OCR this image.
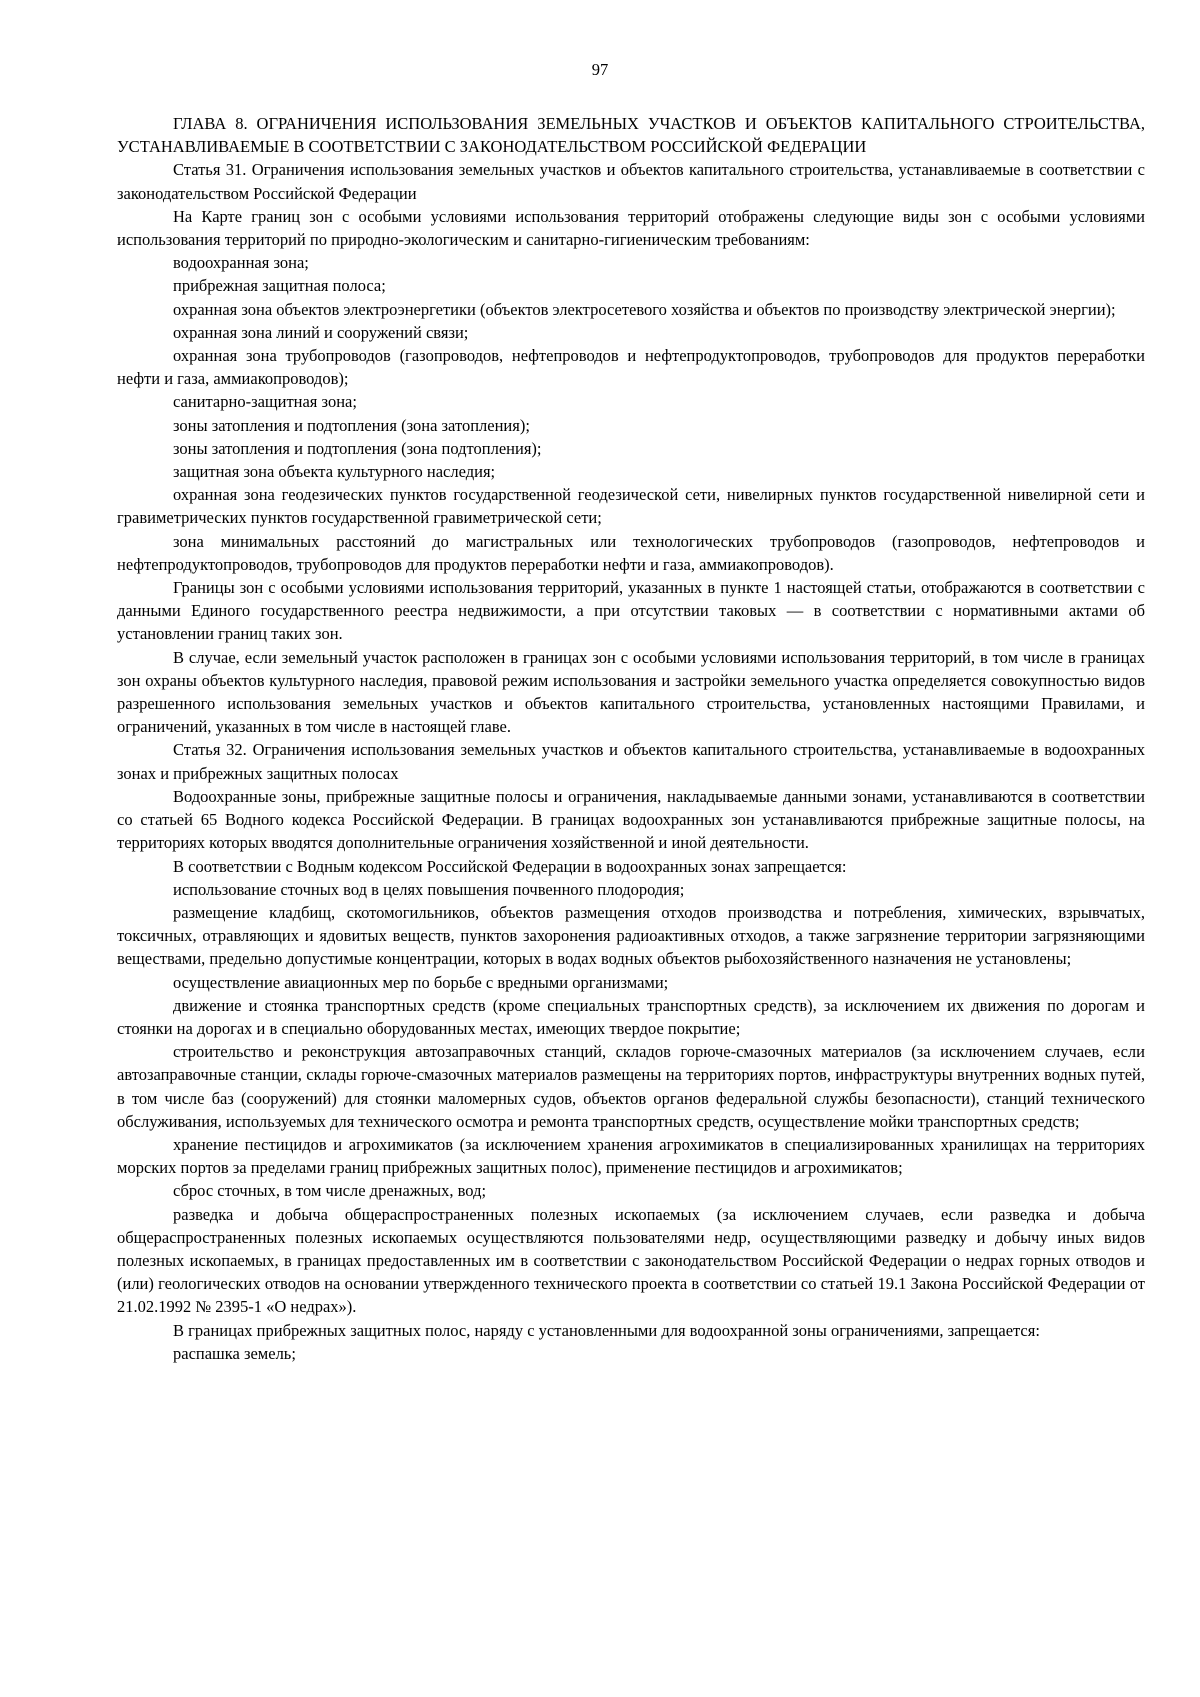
97

ГЛАВА 8. ОГРАНИЧЕНИЯ ИСПОЛЬЗОВАНИЯ ЗЕМЕЛЬНЫХ УЧАСТКОВ И ОБЪЕКТОВ КАПИТАЛЬНОГО СТРОИТЕЛЬСТВА, УСТАНАВЛИВАЕМЫЕ В СООТВЕТСТВИИ С ЗАКОНОДАТЕЛЬСТВОМ РОССИЙСКОЙ ФЕДЕРАЦИИ

Статья 31. Ограничения использования земельных участков и объектов капитального строительства, устанавливаемые в соответствии с законодательством Российской Федерации

На Карте границ зон с особыми условиями использования территорий отображены следующие виды зон с особыми условиями использования территорий по природно-экологическим и санитарно-гигиеническим требованиям:

водоохранная зона;

прибрежная защитная полоса;

охранная зона объектов электроэнергетики (объектов электросетевого хозяйства и объектов по производству электрической энергии);

охранная зона линий и сооружений связи;

охранная зона трубопроводов (газопроводов, нефтепроводов и нефтепродуктопроводов, трубопроводов для продуктов переработки нефти и газа, аммиакопроводов);

санитарно-защитная зона;

зоны затопления и подтопления (зона затопления);

зоны затопления и подтопления (зона подтопления);

защитная зона объекта культурного наследия;

охранная зона геодезических пунктов государственной геодезической сети, нивелирных пунктов государственной нивелирной сети и гравиметрических пунктов государственной гравиметрической сети;

зона минимальных расстояний до магистральных или технологических трубопроводов (газопроводов, нефтепроводов и нефтепродуктопроводов, трубопроводов для продуктов переработки нефти и газа, аммиакопроводов).

Границы зон с особыми условиями использования территорий, указанных в пункте 1 настоящей статьи, отображаются в соответствии с данными Единого государственного реестра недвижимости, а при отсутствии таковых — в соответствии с нормативными актами об установлении границ таких зон.

В случае, если земельный участок расположен в границах зон с особыми условиями использования территорий, в том числе в границах зон охраны объектов культурного наследия, правовой режим использования и застройки земельного участка определяется совокупностью видов разрешенного использования земельных участков и объектов капитального строительства, установленных настоящими Правилами, и ограничений, указанных в том числе в настоящей главе.

Статья 32. Ограничения использования земельных участков и объектов капитального строительства, устанавливаемые в водоохранных зонах и прибрежных защитных полосах

Водоохранные зоны, прибрежные защитные полосы и ограничения, накладываемые данными зонами, устанавливаются в соответствии со статьей 65 Водного кодекса Российской Федерации. В границах водоохранных зон устанавливаются прибрежные защитные полосы, на территориях которых вводятся дополнительные ограничения хозяйственной и иной деятельности.

В соответствии с Водным кодексом Российской Федерации в водоохранных зонах запрещается:

использование сточных вод в целях повышения почвенного плодородия;

размещение кладбищ, скотомогильников, объектов размещения отходов производства и потребления, химических, взрывчатых, токсичных, отравляющих и ядовитых веществ, пунктов захоронения радиоактивных отходов, а также загрязнение территории загрязняющими веществами, предельно допустимые концентрации, которых в водах водных объектов рыбохозяйственного назначения не установлены;

осуществление авиационных мер по борьбе с вредными организмами;

движение и стоянка транспортных средств (кроме специальных транспортных средств), за исключением их движения по дорогам и стоянки на дорогах и в специально оборудованных местах, имеющих твердое покрытие;

строительство и реконструкция автозаправочных станций, складов горюче-смазочных материалов (за исключением случаев, если автозаправочные станции, склады горюче-смазочных материалов размещены на территориях портов, инфраструктуры внутренних водных путей, в том числе баз (сооружений) для стоянки маломерных судов, объектов органов федеральной службы безопасности), станций технического обслуживания, используемых для технического осмотра и ремонта транспортных средств, осуществление мойки транспортных средств;

хранение пестицидов и агрохимикатов (за исключением хранения агрохимикатов в специализированных хранилищах на территориях морских портов за пределами границ прибрежных защитных полос), применение пестицидов и агрохимикатов;

сброс сточных, в том числе дренажных, вод;

разведка и добыча общераспространенных полезных ископаемых (за исключением случаев, если разведка и добыча общераспространенных полезных ископаемых осуществляются пользователями недр, осуществляющими разведку и добычу иных видов полезных ископаемых, в границах предоставленных им в соответствии с законодательством Российской Федерации о недрах горных отводов и (или) геологических отводов на основании утвержденного технического проекта в соответствии со статьей 19.1 Закона Российской Федерации от 21.02.1992 № 2395-1 «О недрах»).

В границах прибрежных защитных полос, наряду с установленными для водоохранной зоны ограничениями, запрещается:

распашка земель;
